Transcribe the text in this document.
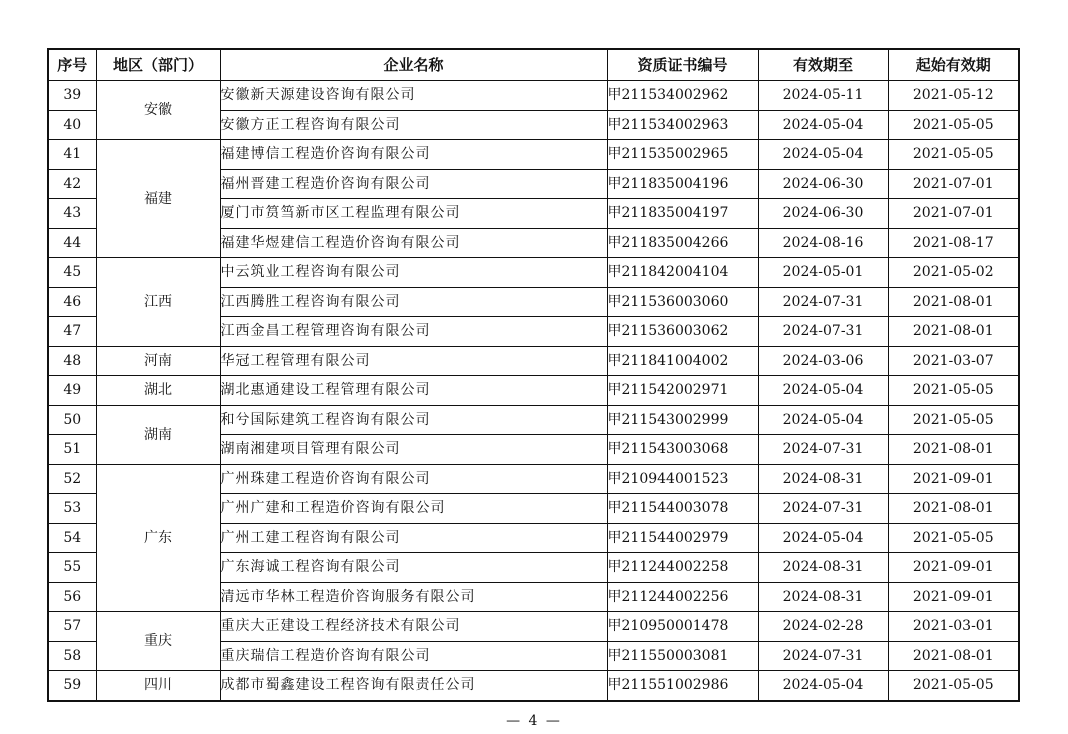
序号	地区（部门）	企业名称	资质证书编号	有效期至	起始有效期
39	安徽	安徽新天源建设咨询有限公司	甲211534002962	2024-05-11	2021-05-12
40		安徽方正工程咨询有限公司	甲211534002963	2024-05-04	2021-05-05
41	福建	福建博信工程造价咨询有限公司	甲211535002965	2024-05-04	2021-05-05
42		福州晋建工程造价咨询有限公司	甲211835004196	2024-06-30	2021-07-01
43		厦门市筼筜新市区工程监理有限公司	甲211835004197	2024-06-30	2021-07-01
44		福建华煜建信工程造价咨询有限公司	甲211835004266	2024-08-16	2021-08-17
45	江西	中云筑业工程咨询有限公司	甲211842004104	2024-05-01	2021-05-02
46		江西腾胜工程咨询有限公司	甲211536003060	2024-07-31	2021-08-01
47		江西金昌工程管理咨询有限公司	甲211536003062	2024-07-31	2021-08-01
48	河南	华冠工程管理有限公司	甲211841004002	2024-03-06	2021-03-07
49	湖北	湖北惠通建设工程管理有限公司	甲211542002971	2024-05-04	2021-05-05
50	湖南	和兮国际建筑工程咨询有限公司	甲211543002999	2024-05-04	2021-05-05
51		湖南湘建项目管理有限公司	甲211543003068	2024-07-31	2021-08-01
52	广东	广州珠建工程造价咨询有限公司	甲210944001523	2024-08-31	2021-09-01
53		广州广建和工程造价咨询有限公司	甲211544003078	2024-07-31	2021-08-01
54		广州工建工程咨询有限公司	甲211544002979	2024-05-04	2021-05-05
55		广东海诚工程咨询有限公司	甲211244002258	2024-08-31	2021-09-01
56		清远市华林工程造价咨询服务有限公司	甲211244002256	2024-08-31	2021-09-01
57	重庆	重庆大正建设工程经济技术有限公司	甲210950001478	2024-02-28	2021-03-01
58		重庆瑞信工程造价咨询有限公司	甲211550003081	2024-07-31	2021-08-01
59	四川	成都市蜀鑫建设工程咨询有限责任公司	甲211551002986	2024-05-04	2021-05-05
— 4 —
